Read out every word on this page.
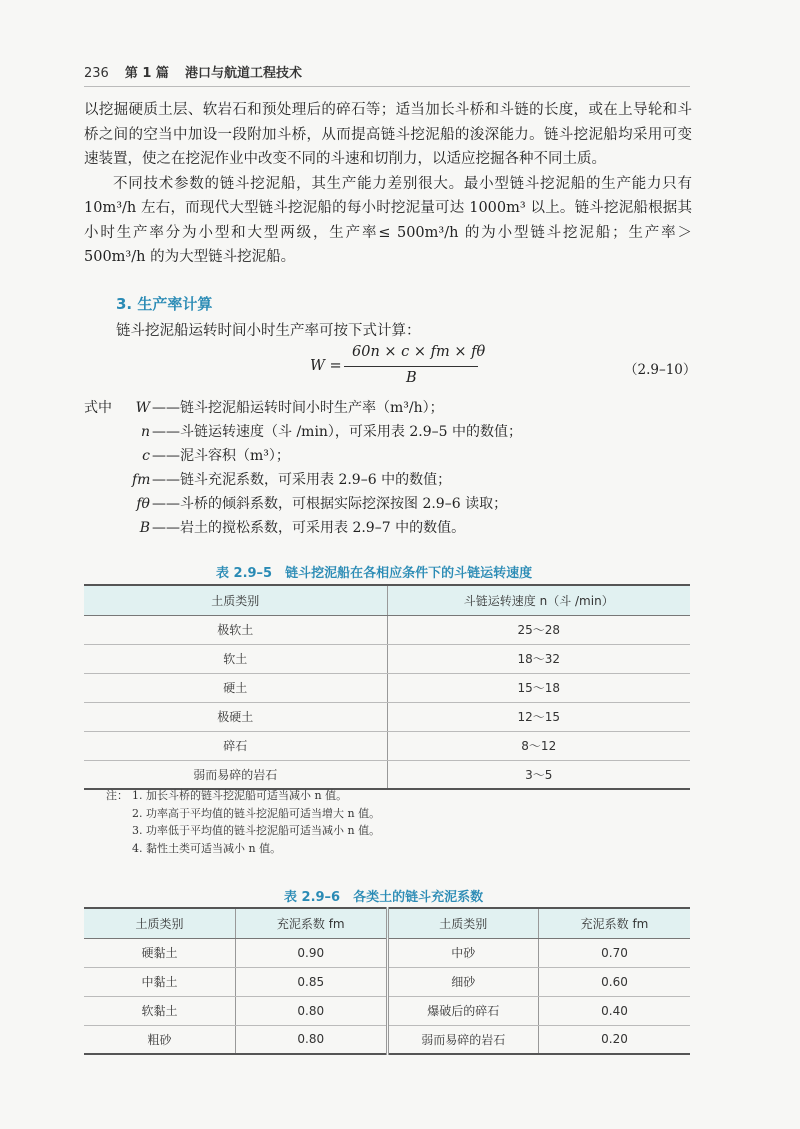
236 第 1 篇 港口与航道工程技术

以挖掘硬质土层、软岩石和预处理后的碎石等；适当加长斗桥和斗链的长度，或在上导轮和斗桥之间的空当中加设一段附加斗桥，从而提高链斗挖泥船的浚深能力。链斗挖泥船均采用可变速装置，使之在挖泥作业中改变不同的斗速和切削力，以适应挖掘各种不同土质。

不同技术参数的链斗挖泥船，其生产能力差别很大。最小型链斗挖泥船的生产能力只有 10m³/h 左右，而现代大型链斗挖泥船的每小时挖泥量可达 1000m³ 以上。链斗挖泥船根据其小时生产率分为小型和大型两级，生产率≤ 500m³/h 的为小型链斗挖泥船；生产率＞ 500m³/h 的为大型链斗挖泥船。

3. 生产率计算
链斗挖泥船运转时间小时生产率可按下式计算：
W =
60n × c × fm × fθ
B	（2.9–10）
式中	W ——链斗挖泥船运转时间小时生产率（m³/h）；
n ——斗链运转速度（斗 /min），可采用表 2.9–5 中的数值；
c ——泥斗容积（m³）；
fm ——链斗充泥系数，可采用表 2.9–6 中的数值；
fθ ——斗桥的倾斜系数，可根据实际挖深按图 2.9–6 读取；
B ——岩土的搅松系数，可采用表 2.9–7 中的数值。
表 2.9–5　链斗挖泥船在各相应条件下的斗链运转速度
土质类别	斗链运转速度 n（斗 /min）
极软土	25～28
软土	18～32
硬土	15～18
极硬土	12～15
碎石	8～12
弱而易碎的岩石	3～5
注： 1. 加长斗桥的链斗挖泥船可适当减小 n 值。
2. 功率高于平均值的链斗挖泥船可适当增大 n 值。
3. 功率低于平均值的链斗挖泥船可适当减小 n 值。
4. 黏性土类可适当减小 n 值。
表 2.9–6　各类土的链斗充泥系数
土质类别	充泥系数 fm	土质类别	充泥系数 fm
硬黏土	0.90	中砂	0.70
中黏土	0.85	细砂	0.60
软黏土	0.80	爆破后的碎石	0.40
粗砂	0.80	弱而易碎的岩石	0.20
